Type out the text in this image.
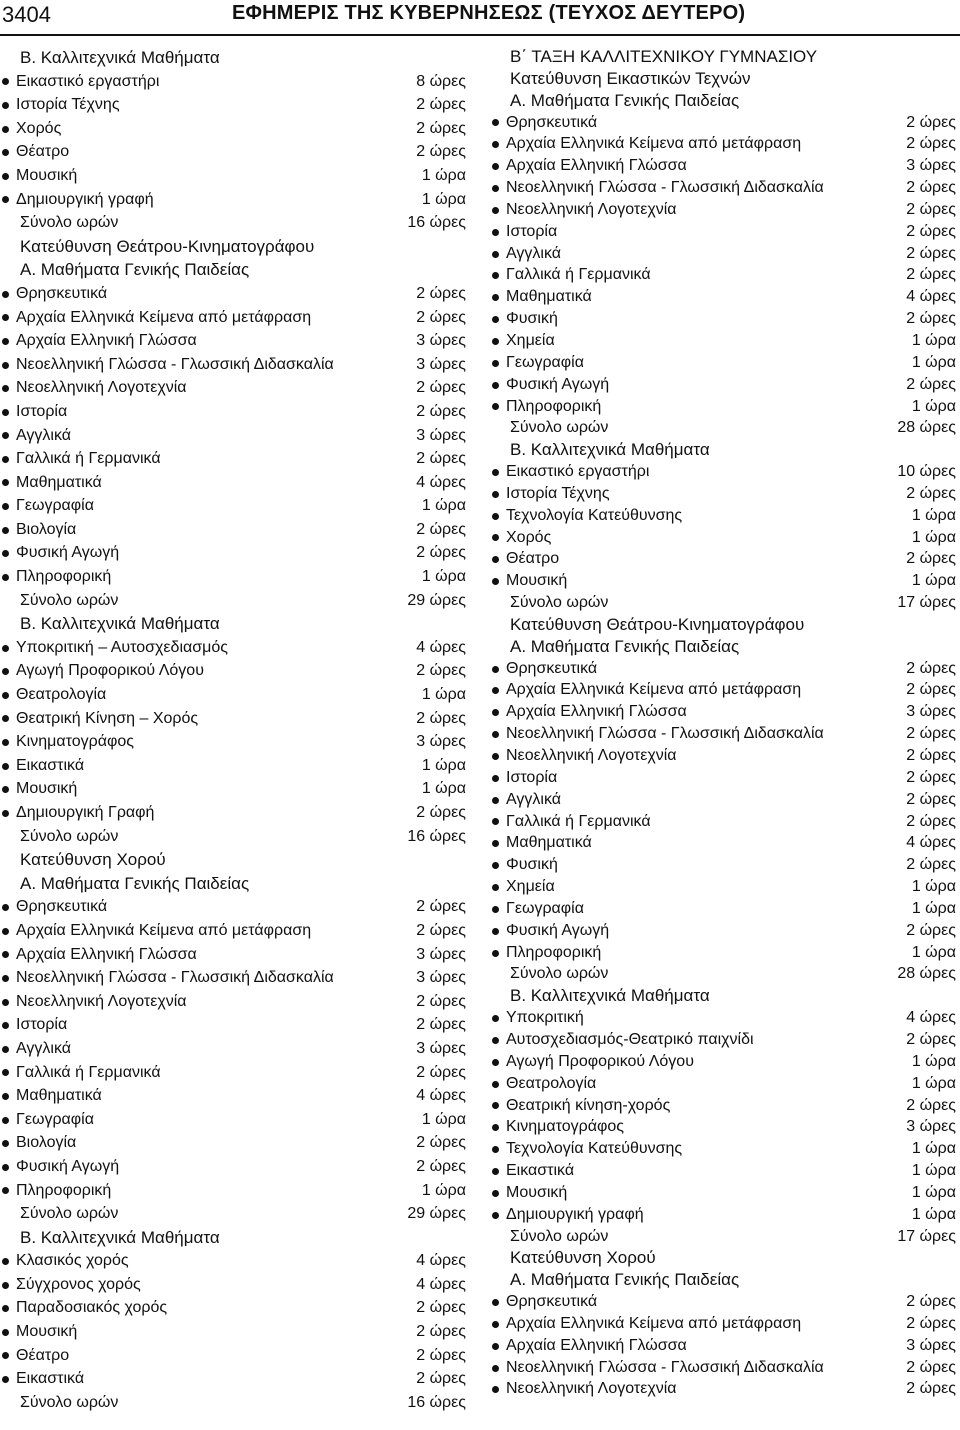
3404	ΕΦΗΜΕΡΙΣ ΤΗΣ ΚΥΒΕΡΝΗΣΕΩΣ (ΤΕΥΧΟΣ ΔΕΥΤΕΡΟ)
Β. Καλλιτεχνικά Μαθήματα
Εικαστικό εργαστήρι	8 ώρες
Ιστορία Τέχνης	2 ώρες
Χορός	2 ώρες
Θέατρο	2 ώρες
Μουσική	1 ώρα
Δημιουργική γραφή	1 ώρα
Σύνολο ωρών	16 ώρες
Κατεύθυνση Θεάτρου-Κινηματογράφου
Α. Μαθήματα Γενικής Παιδείας
Θρησκευτικά	2 ώρες
Αρχαία Ελληνικά Κείμενα από μετάφραση	2 ώρες
Αρχαία Ελληνική Γλώσσα	3 ώρες
Νεοελληνική Γλώσσα - Γλωσσική Διδασκαλία	3 ώρες
Νεοελληνική Λογοτεχνία	2 ώρες
Ιστορία	2 ώρες
Αγγλικά	3 ώρες
Γαλλικά ή Γερμανικά	2 ώρες
Μαθηματικά	4 ώρες
Γεωγραφία	1 ώρα
Βιολογία	2 ώρες
Φυσική Αγωγή	2 ώρες
Πληροφορική	1 ώρα
Σύνολο ωρών	29 ώρες
Β. Καλλιτεχνικά Μαθήματα
Υποκριτική – Αυτοσχεδιασμός	4 ώρες
Αγωγή Προφορικού Λόγου	2 ώρες
Θεατρολογία	1 ώρα
Θεατρική Κίνηση – Χορός	2 ώρες
Κινηματογράφος	3 ώρες
Εικαστικά	1 ώρα
Μουσική	1 ώρα
Δημιουργική Γραφή	2 ώρες
Σύνολο ωρών	16 ώρες
Κατεύθυνση Χορού
Α. Μαθήματα Γενικής Παιδείας
Θρησκευτικά	2 ώρες
Αρχαία Ελληνικά Κείμενα από μετάφραση	2 ώρες
Αρχαία Ελληνική Γλώσσα	3 ώρες
Νεοελληνική Γλώσσα - Γλωσσική Διδασκαλία	3 ώρες
Νεοελληνική Λογοτεχνία	2 ώρες
Ιστορία	2 ώρες
Αγγλικά	3 ώρες
Γαλλικά ή Γερμανικά	2 ώρες
Μαθηματικά	4 ώρες
Γεωγραφία	1 ώρα
Βιολογία	2 ώρες
Φυσική Αγωγή	2 ώρες
Πληροφορική	1 ώρα
Σύνολο ωρών	29 ώρες
Β. Καλλιτεχνικά Μαθήματα
Κλασικός χορός	4 ώρες
Σύγχρονος χορός	4 ώρες
Παραδοσιακός χορός	2 ώρες
Μουσική	2 ώρες
Θέατρο	2 ώρες
Εικαστικά	2 ώρες
Σύνολο ωρών	16 ώρες
Β΄ ΤΑΞΗ ΚΑΛΛΙΤΕΧΝΙΚΟΥ ΓΥΜΝΑΣΙΟΥ
Κατεύθυνση Εικαστικών Τεχνών
Α. Μαθήματα Γενικής Παιδείας
Θρησκευτικά	2 ώρες
Αρχαία Ελληνικά Κείμενα από μετάφραση	2 ώρες
Αρχαία Ελληνική Γλώσσα	3 ώρες
Νεοελληνική Γλώσσα - Γλωσσική Διδασκαλία	2 ώρες
Νεοελληνική Λογοτεχνία	2 ώρες
Ιστορία	2 ώρες
Αγγλικά	2 ώρες
Γαλλικά ή Γερμανικά	2 ώρες
Μαθηματικά	4 ώρες
Φυσική	2 ώρες
Χημεία	1 ώρα
Γεωγραφία	1 ώρα
Φυσική Αγωγή	2 ώρες
Πληροφορική	1 ώρα
Σύνολο ωρών	28 ώρες
Β. Καλλιτεχνικά Μαθήματα
Εικαστικό εργαστήρι	10 ώρες
Ιστορία Τέχνης	2 ώρες
Τεχνολογία Κατεύθυνσης	1 ώρα
Χορός	1 ώρα
Θέατρο	2 ώρες
Μουσική	1 ώρα
Σύνολο ωρών	17 ώρες
Κατεύθυνση Θεάτρου-Κινηματογράφου
Α. Μαθήματα Γενικής Παιδείας
Θρησκευτικά	2 ώρες
Αρχαία Ελληνικά Κείμενα από μετάφραση	2 ώρες
Αρχαία Ελληνική Γλώσσα	3 ώρες
Νεοελληνική Γλώσσα - Γλωσσική Διδασκαλία	2 ώρες
Νεοελληνική Λογοτεχνία	2 ώρες
Ιστορία	2 ώρες
Αγγλικά	2 ώρες
Γαλλικά ή Γερμανικά	2 ώρες
Μαθηματικά	4 ώρες
Φυσική	2 ώρες
Χημεία	1 ώρα
Γεωγραφία	1 ώρα
Φυσική Αγωγή	2 ώρες
Πληροφορική	1 ώρα
Σύνολο ωρών	28 ώρες
Β. Καλλιτεχνικά Μαθήματα
Υποκριτική	4 ώρες
Αυτοσχεδιασμός-Θεατρικό παιχνίδι	2 ώρες
Αγωγή Προφορικού Λόγου	1 ώρα
Θεατρολογία	1 ώρα
Θεατρική κίνηση-χορός	2 ώρες
Κινηματογράφος	3 ώρες
Τεχνολογία Κατεύθυνσης	1 ώρα
Εικαστικά	1 ώρα
Μουσική	1 ώρα
Δημιουργική γραφή	1 ώρα
Σύνολο ωρών	17 ώρες
Κατεύθυνση Χορού
Α. Μαθήματα Γενικής Παιδείας
Θρησκευτικά	2 ώρες
Αρχαία Ελληνικά Κείμενα από μετάφραση	2 ώρες
Αρχαία Ελληνική Γλώσσα	3 ώρες
Νεοελληνική Γλώσσα - Γλωσσική Διδασκαλία	2 ώρες
Νεοελληνική Λογοτεχνία	2 ώρες
